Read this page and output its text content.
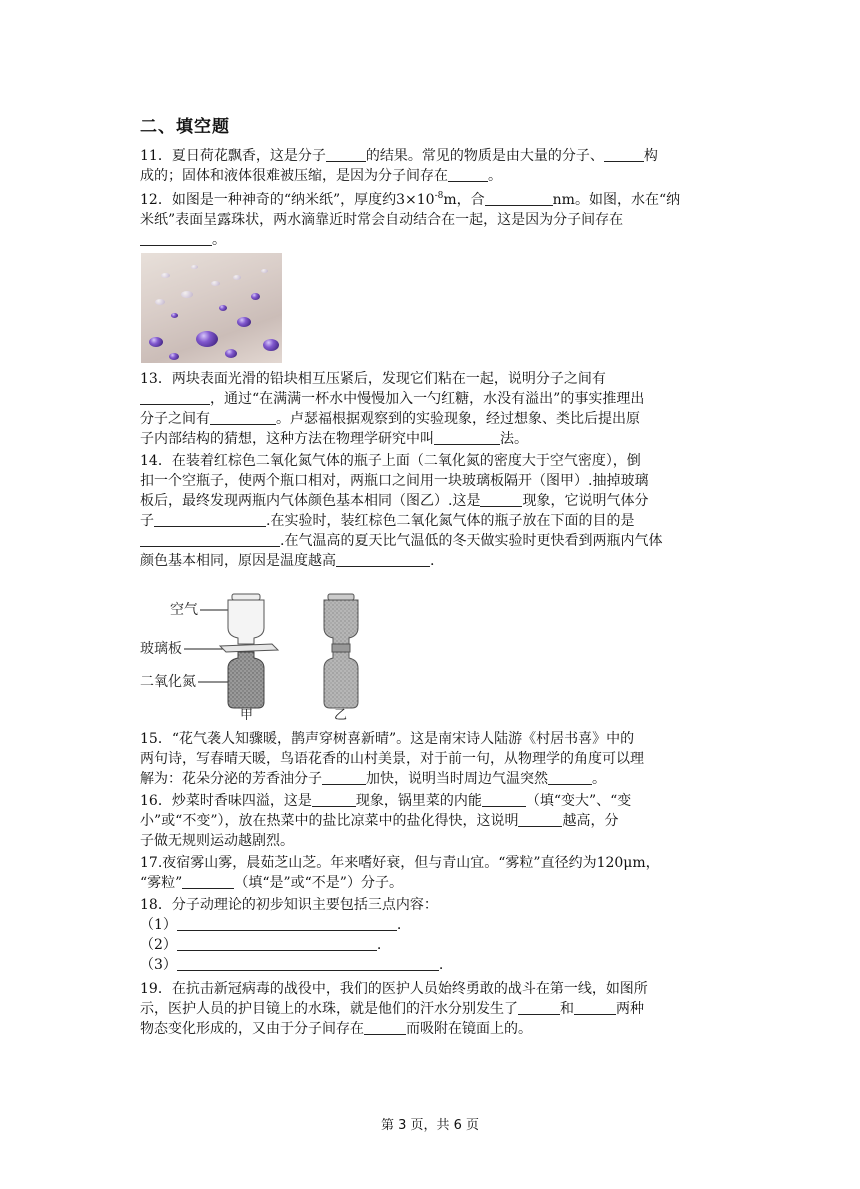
二、填空题

11．夏日荷花飘香，这是分子	的结果。常见的物质是由大量的分子、	构

成的；固体和液体很难被压缩，是因为分子间存在	。

12．如图是一种神奇的“纳米纸”，厚度约$3\times 10^{-8}m$，合	nm。如图，水在“纳

米纸”表面呈露珠状，两水滴靠近时常会自动结合在一起，这是因为分子间存在

。

13．两块表面光滑的铅块相互压紧后，发现它们粘在一起，说明分子之间有

，通过“在满满一杯水中慢慢加入一勺红糖，水没有溢出”的事实推理出

分子之间有	。卢瑟福根据观察到的实验现象，经过想象、类比后提出原

子内部结构的猜想，这种方法在物理学研究中叫	法。

14．在装着红棕色二氧化氮气体的瓶子上面（二氧化氮的密度大于空气密度），倒

扣一个空瓶子，使两个瓶口相对，两瓶口之间用一块玻璃板隔开（图甲）.抽掉玻璃

板后，最终发现两瓶内气体颜色基本相同（图乙）.这是	现象，它说明气体分

子	.在实验时，装红棕色二氧化氮气体的瓶子放在下面的目的是

.在气温高的夏天比气温低的冬天做实验时更快看到两瓶内气体

颜色基本相同，原因是温度越高	.

空气
玻璃板
二氧化氮
甲	乙

15．“花气袭人知骤暖，鹊声穿树喜新晴”。这是南宋诗人陆游《村居书喜》中的

两句诗，写春晴天暖，鸟语花香的山村美景，对于前一句，从物理学的角度可以理

解为：花朵分泌的芳香油分子	加快，说明当时周边气温突然	。

16．炒菜时香味四溢，这是	现象，锅里菜的内能	（填“变大”、“变

小”或“不变”），放在热菜中的盐比凉菜中的盐化得快，这说明	越高，分

子做无规则运动越剧烈。

17.夜宿雾山雾，晨茹芝山芝。年来嗜好衰，但与青山宜。“雾粒”直径约为120μm，

“雾粒”	（填“是”或“不是”）分子。

18．分子动理论的初步知识主要包括三点内容：

（1）	.

（2）	.

（3）	.

19．在抗击新冠病毒的战役中，我们的医护人员始终勇敢的战斗在第一线，如图所

示，医护人员的护目镜上的水珠，就是他们的汗水分别发生了	和	两种

物态变化形成的，又由于分子间存在	而吸附在镜面上的。

第 3 页，共 6 页
